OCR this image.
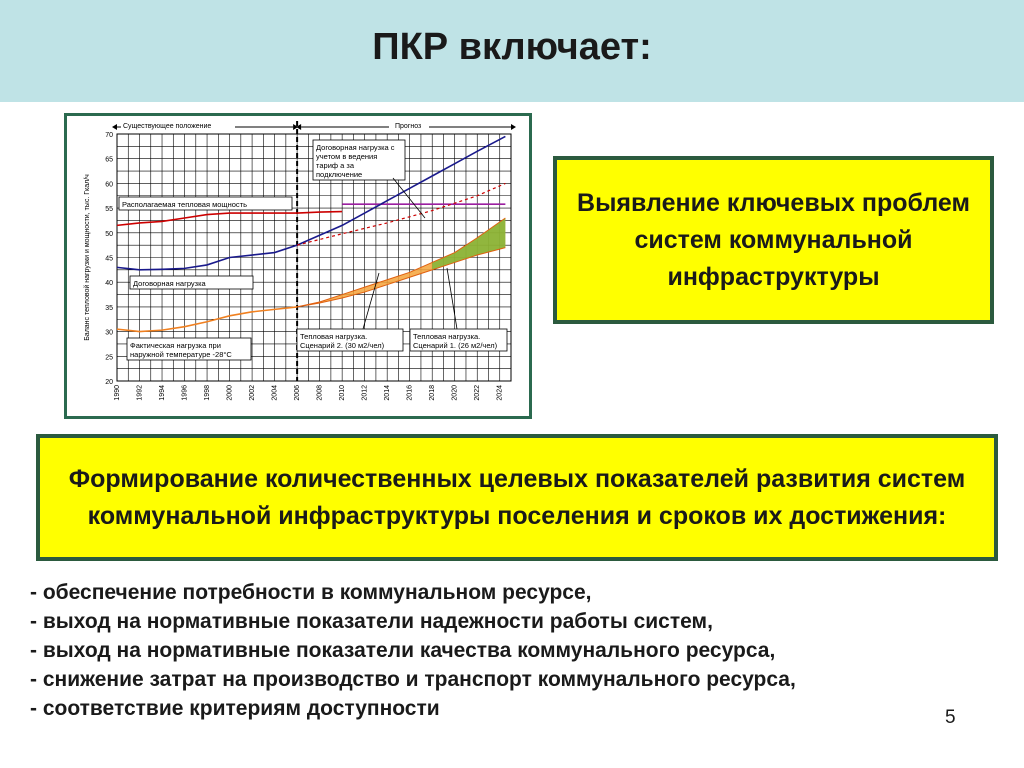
ПКР включает:
20
25
30
35
40
45
50
55
60
65
70
1990 1992 1994 1996 1998 2000 2002 2004 2006 2008 2010 2012 2014 2016 2018 2020 2022 2024
Баланс тепловой нагрузки и мощности, тыс. Гкал/ч
Существующее положение	Прогноз
Располагаемая тепловая мощность
Договорная нагрузка
Фактическая нагрузка при
наружной температуре -28°С
Договорная нагрузка с
учетом в ведения
тариф а за
подключение
Тепловая нагрузка.
Сценарий 2. (30 м2/чел)
Тепловая нагрузка.
Сценарий 1. (26 м2/чел)
Выявление ключевых проблем систем коммунальной инфраструктуры
Формирование количественных целевых показателей развития систем коммунальной инфраструктуры поселения и сроков их достижения:
- обеспечение потребности в коммунальном ресурсе,
- выход на нормативные показатели надежности работы систем,
- выход на нормативные показатели качества коммунального ресурса,
- снижение затрат на производство и транспорт коммунального ресурса,
- соответствие критериям доступности	5
